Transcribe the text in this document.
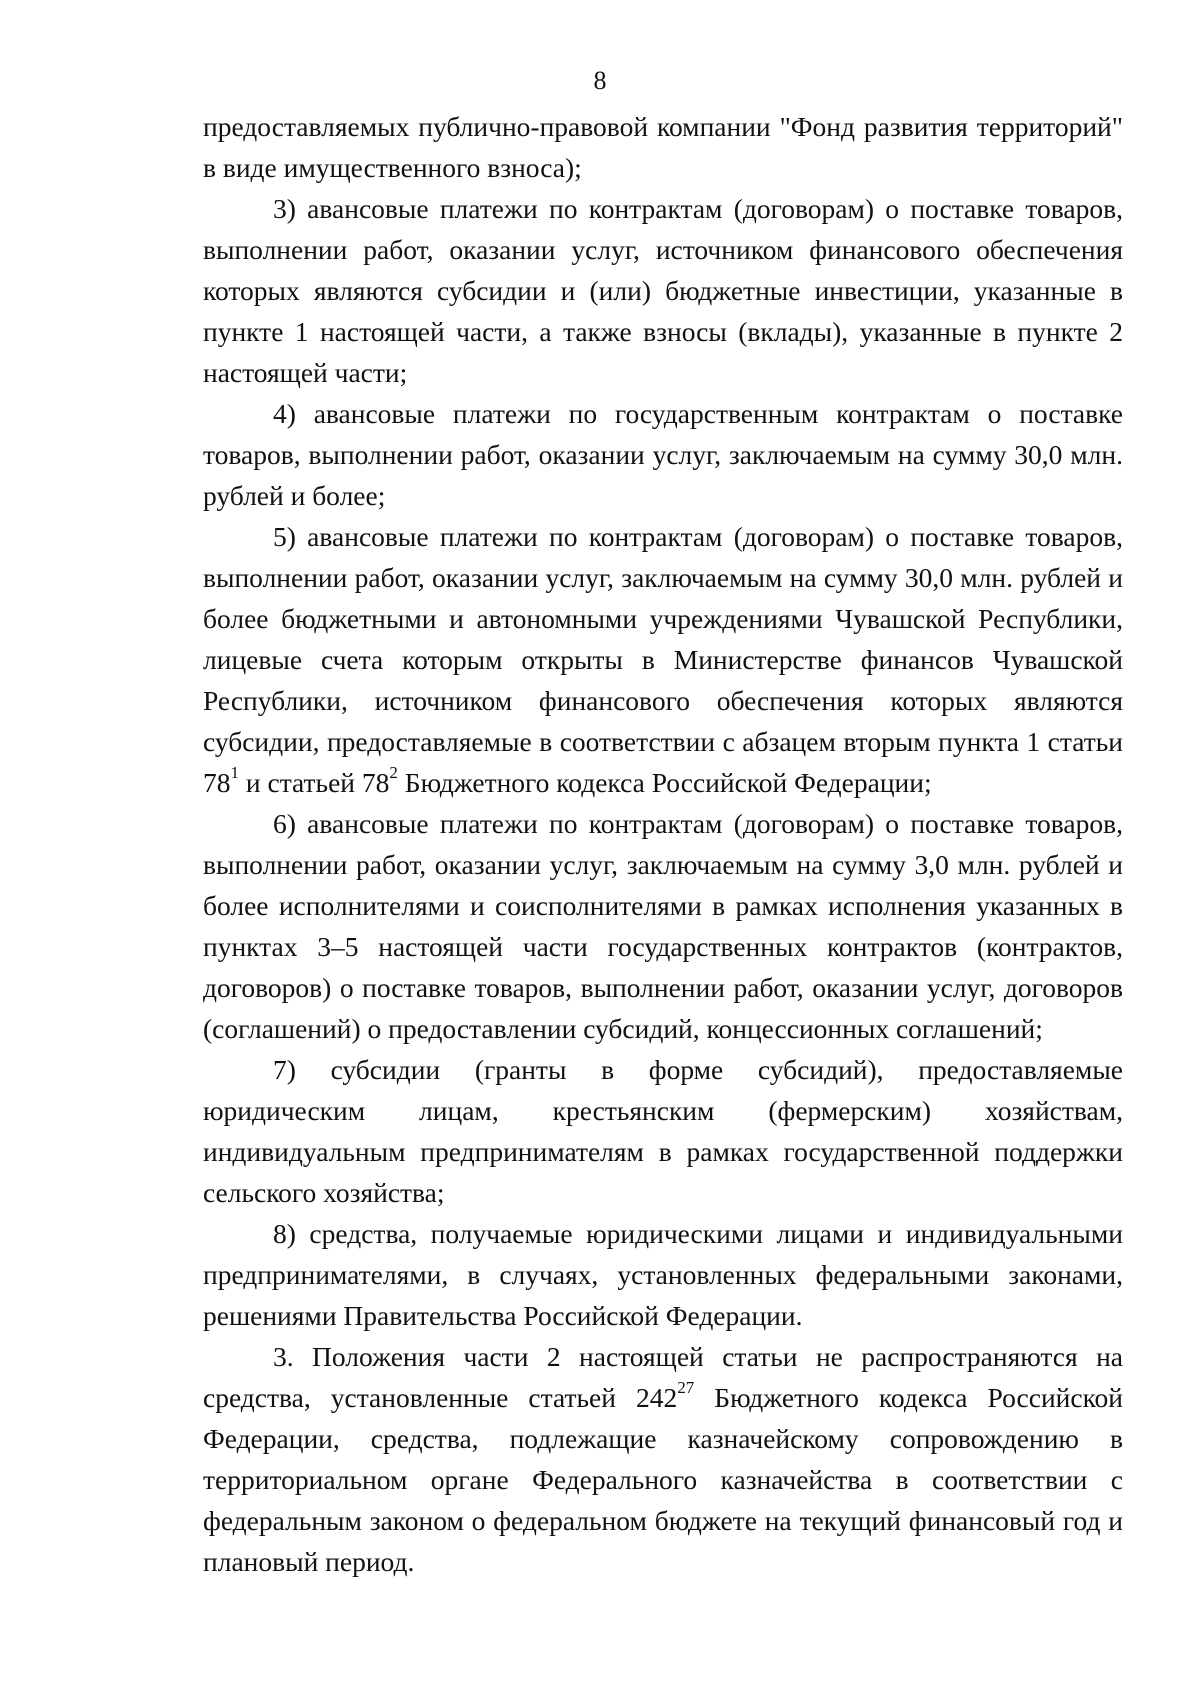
8

предоставляемых публично-правовой компании "Фонд развития территорий" в виде имущественного взноса);

3) авансовые платежи по контрактам (договорам) о поставке товаров, выполнении работ, оказании услуг, источником финансового обеспечения которых являются субсидии и (или) бюджетные инвестиции, указанные в пункте 1 настоящей части, а также взносы (вклады), указанные в пункте 2 настоящей части;

4) авансовые платежи по государственным контрактам о поставке товаров, выполнении работ, оказании услуг, заключаемым на сумму 30,0 млн. рублей и более;

5) авансовые платежи по контрактам (договорам) о поставке товаров, выполнении работ, оказании услуг, заключаемым на сумму 30,0 млн. рублей и более бюджетными и автономными учреждениями Чувашской Республики, лицевые счета которым открыты в Министерстве финансов Чувашской Республики, источником финансового обеспечения которых являются субсидии, предоставляемые в соответствии с абзацем вторым пункта 1 статьи $78^1$ и статьей $78^2$ Бюджетного кодекса Российской Федерации;

6) авансовые платежи по контрактам (договорам) о поставке товаров, выполнении работ, оказании услуг, заключаемым на сумму 3,0 млн. рублей и более исполнителями и соисполнителями в рамках исполнения указанных в пунктах 3–5 настоящей части государственных контрактов (контрактов, договоров) о поставке товаров, выполнении работ, оказании услуг, договоров (соглашений) о предоставлении субсидий, концессионных соглашений;

7) субсидии (гранты в форме субсидий), предоставляемые юридическим лицам, крестьянским (фермерским) хозяйствам, индивидуальным предпринимателям в рамках государственной поддержки сельского хозяйства;

8) средства, получаемые юридическими лицами и индивидуальными предпринимателями, в случаях, установленных федеральными законами, решениями Правительства Российской Федерации.

3. Положения части 2 настоящей статьи не распространяются на средства, установленные статьей $242^{27}$ Бюджетного кодекса Российской Федерации, средства, подлежащие казначейскому сопровождению в территориальном органе Федерального казначейства в соответствии с федеральным законом о федеральном бюджете на текущий финансовый год и плановый период.
